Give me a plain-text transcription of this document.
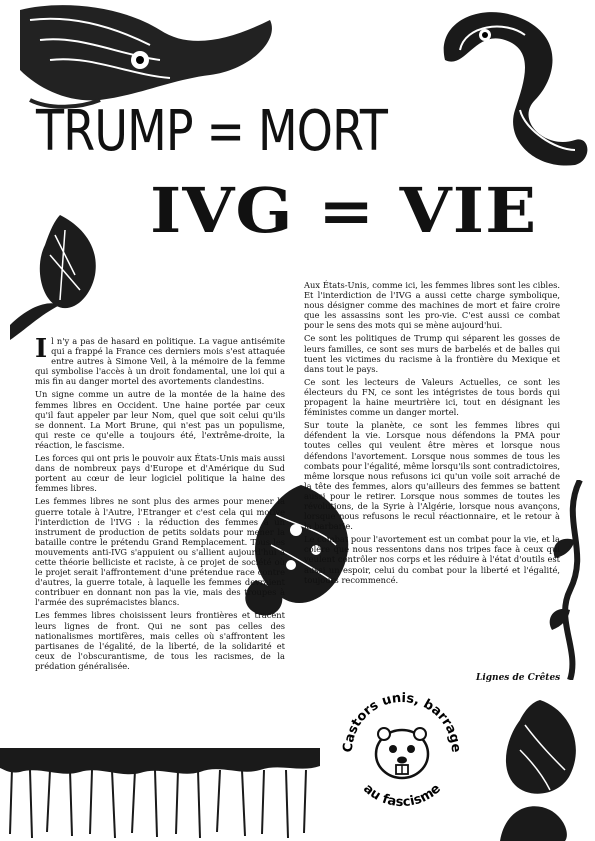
TRUMP = MORT
IVG = VIE

Il n'y a pas de hasard en politique. La vague antisémite qui a frappé la France ces derniers mois s'est attaquée entre autres à Simone Veil, à la mémoire de la femme qui symbolise l'accès à un droit fondamental, une loi qui a mis fin au danger mortel des avortements clandestins.

Un signe comme un autre de la montée de la haine des femmes libres en Occident. Une haine portée par ceux qu'il faut appeler par leur Nom, quel que soit celui qu'ils se donnent. La Mort Brune, qui n'est pas un populisme, qui reste ce qu'elle a toujours été, l'extrême-droite, la réaction, le fascisme.

Les forces qui ont pris le pouvoir aux États-Unis mais aussi dans de nombreux pays d'Europe et d'Amérique du Sud portent au cœur de leur logiciel politique la haine des femmes libres.

Les femmes libres ne sont plus des armes pour mener la guerre totale à l'Autre, l'Etranger et c'est cela qui motive l'interdiction de l'IVG : la réduction des femmes à un instrument de production de petits soldats pour mener la bataille contre le prétendu Grand Remplacement. Tous les mouvements anti-IVG s'appuient ou s'allient aujourd'hui à cette théorie belliciste et raciste, à ce projet de société où le projet serait l'affrontement d'une prétendue race contre d'autres, la guerre totale, à laquelle les femmes devraient contribuer en donnant non pas la vie, mais des troupes à l'armée des suprémacistes blancs.

Les femmes libres choisissent leurs frontières et tracent leurs lignes de front. Qui ne sont pas celles des nationalismes mortifères, mais celles où s'affrontent les partisanes de l'égalité, de la liberté, de la solidarité et ceux de l'obscurantisme, de tous les racismes, de la prédation généralisée.

Aux États-Unis, comme ici, les femmes libres sont les cibles. Et l'interdiction de l'IVG a aussi cette charge symbolique, nous désigner comme des machines de mort et faire croire que les assassins sont les pro-vie. C'est aussi ce combat pour le sens des mots qui se mène aujourd'hui.

Ce sont les politiques de Trump qui séparent les gosses de leurs familles, ce sont ses murs de barbelés et de balles qui tuent les victimes du racisme à la frontière du Mexique et dans tout le pays.

Ce sont les lecteurs de Valeurs Actuelles, ce sont les électeurs du FN, ce sont les intégristes de tous bords qui propagent la haine meurtrière ici, tout en désignant les féministes comme un danger mortel.

Sur toute la planète, ce sont les femmes libres qui défendent la vie. Lorsque nous défendons la PMA pour toutes celles qui veulent être mères et lorsque nous défendons l'avortement. Lorsque nous sommes de tous les combats pour l'égalité, même lorsqu'ils sont contradictoires, même lorsque nous refusons ici qu'un voile soit arraché de la tête des femmes, alors qu'ailleurs des femmes se battent aussi pour le retirer. Lorsque nous sommes de toutes les révolutions, de la Syrie à l'Algérie, lorsque nous avançons, lorsque nous refusons le recul réactionnaire, et le retour à la barbarie.

Le combat pour l'avortement est un combat pour la vie, et la colère que nous ressentons dans nos tripes face à ceux qui veulent contrôler nos corps et les réduire à l'état d'outils est aussi un espoir, celui du combat pour la liberté et l'égalité, toujours recommencé.

Lignes de Crêtes
Castors unis, barrage
au fascisme
